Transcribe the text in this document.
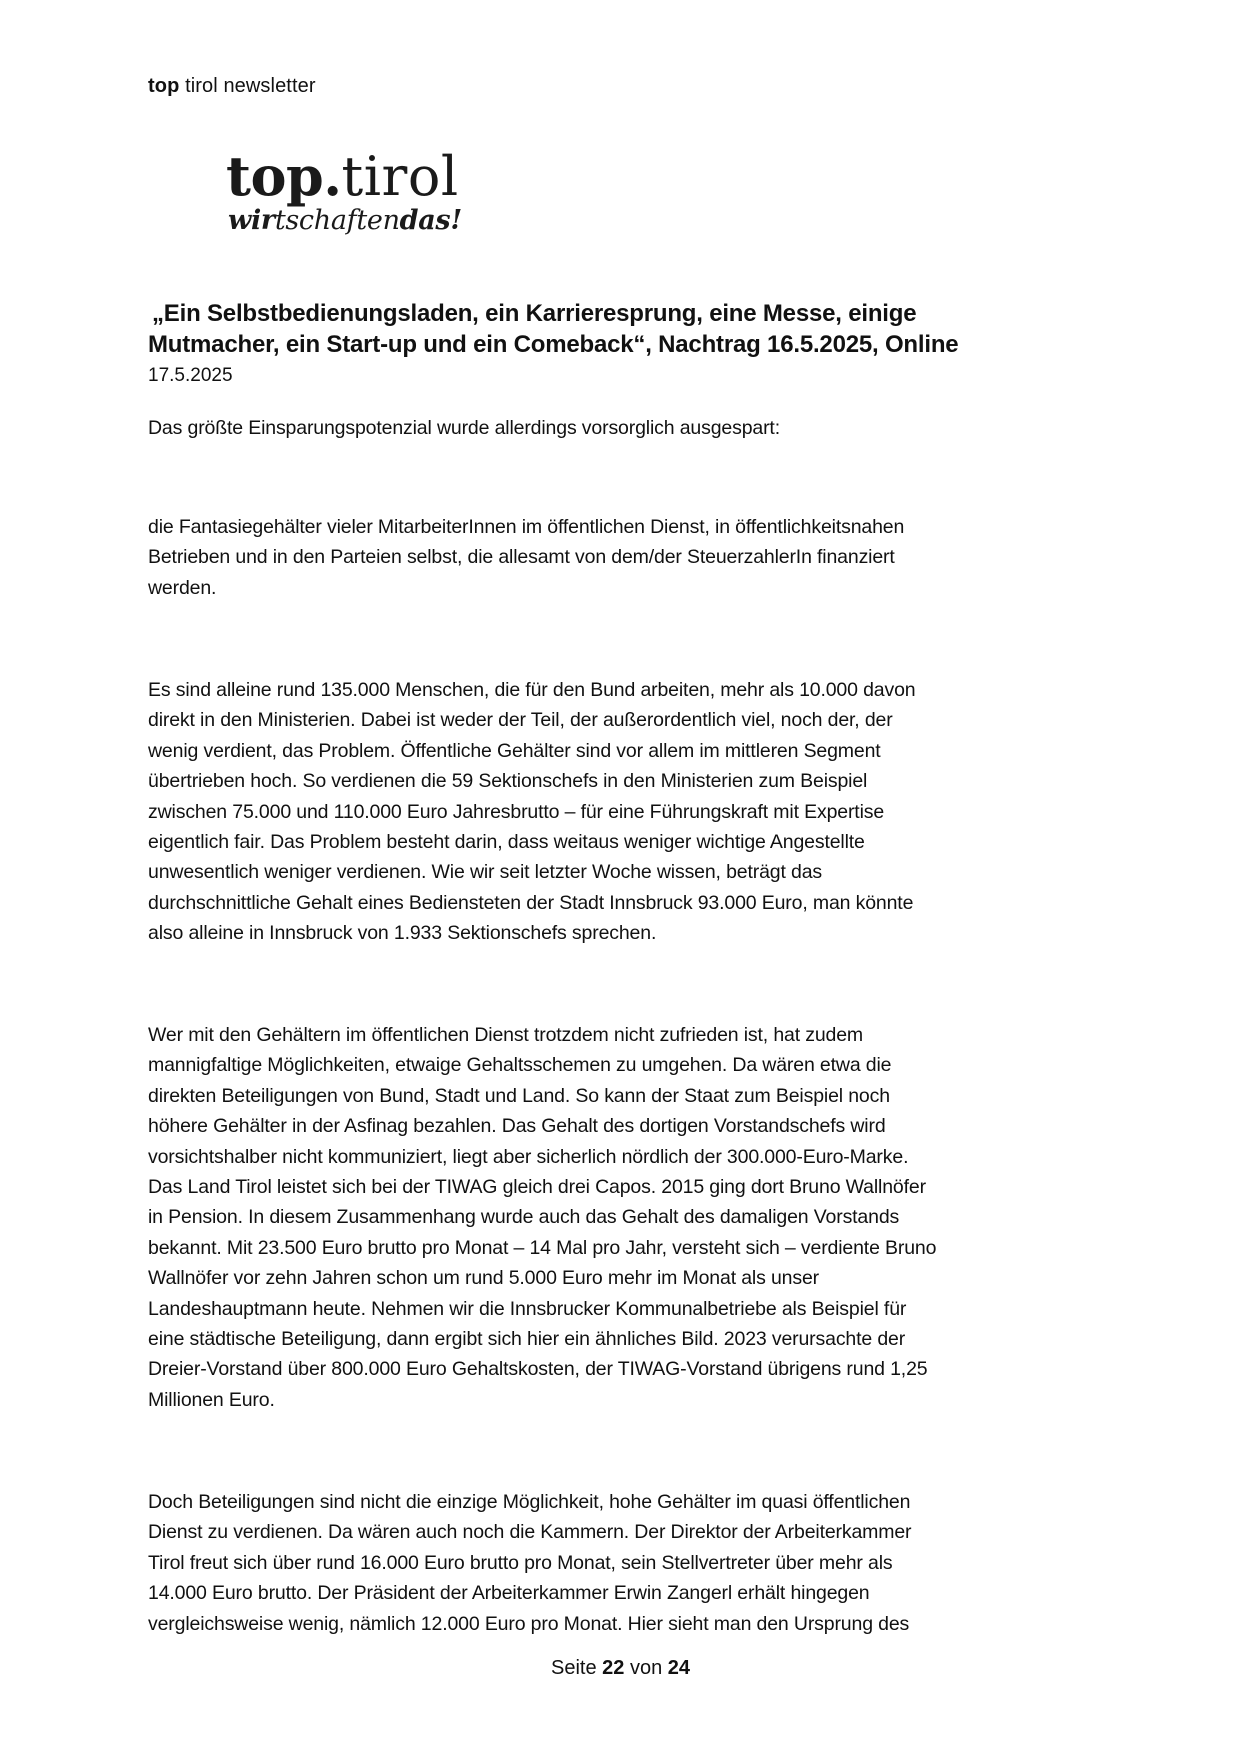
top tirol newsletter
top.tirol
wirtschaftendas!
„Ein Selbstbedienungsladen, ein Karrieresprung, eine Messe, einige
Mutmacher, ein Start-up und ein Comeback“, Nachtrag 16.5.2025, Online
17.5.2025
Das größte Einsparungspotenzial wurde allerdings vorsorglich ausgespart:
die Fantasiegehälter vieler MitarbeiterInnen im öffentlichen Dienst, in öffentlichkeitsnahen
Betrieben und in den Parteien selbst, die allesamt von dem/der SteuerzahlerIn finanziert
werden.
Es sind alleine rund 135.000 Menschen, die für den Bund arbeiten, mehr als 10.000 davon
direkt in den Ministerien. Dabei ist weder der Teil, der außerordentlich viel, noch der, der
wenig verdient, das Problem. Öffentliche Gehälter sind vor allem im mittleren Segment
übertrieben hoch. So verdienen die 59 Sektionschefs in den Ministerien zum Beispiel
zwischen 75.000 und 110.000 Euro Jahresbrutto – für eine Führungskraft mit Expertise
eigentlich fair. Das Problem besteht darin, dass weitaus weniger wichtige Angestellte
unwesentlich weniger verdienen. Wie wir seit letzter Woche wissen, beträgt das
durchschnittliche Gehalt eines Bediensteten der Stadt Innsbruck 93.000 Euro, man könnte
also alleine in Innsbruck von 1.933 Sektionschefs sprechen.
Wer mit den Gehältern im öffentlichen Dienst trotzdem nicht zufrieden ist, hat zudem
mannigfaltige Möglichkeiten, etwaige Gehaltsschemen zu umgehen. Da wären etwa die
direkten Beteiligungen von Bund, Stadt und Land. So kann der Staat zum Beispiel noch
höhere Gehälter in der Asfinag bezahlen. Das Gehalt des dortigen Vorstandschefs wird
vorsichtshalber nicht kommuniziert, liegt aber sicherlich nördlich der 300.000-Euro-Marke.
Das Land Tirol leistet sich bei der TIWAG gleich drei Capos. 2015 ging dort Bruno Wallnöfer
in Pension. In diesem Zusammenhang wurde auch das Gehalt des damaligen Vorstands
bekannt. Mit 23.500 Euro brutto pro Monat – 14 Mal pro Jahr, versteht sich – verdiente Bruno
Wallnöfer vor zehn Jahren schon um rund 5.000 Euro mehr im Monat als unser
Landeshauptmann heute. Nehmen wir die Innsbrucker Kommunalbetriebe als Beispiel für
eine städtische Beteiligung, dann ergibt sich hier ein ähnliches Bild. 2023 verursachte der
Dreier-Vorstand über 800.000 Euro Gehaltskosten, der TIWAG-Vorstand übrigens rund 1,25
Millionen Euro.
Doch Beteiligungen sind nicht die einzige Möglichkeit, hohe Gehälter im quasi öffentlichen
Dienst zu verdienen. Da wären auch noch die Kammern. Der Direktor der Arbeiterkammer
Tirol freut sich über rund 16.000 Euro brutto pro Monat, sein Stellvertreter über mehr als
14.000 Euro brutto. Der Präsident der Arbeiterkammer Erwin Zangerl erhält hingegen
vergleichsweise wenig, nämlich 12.000 Euro pro Monat. Hier sieht man den Ursprung des
Seite 22 von 24
